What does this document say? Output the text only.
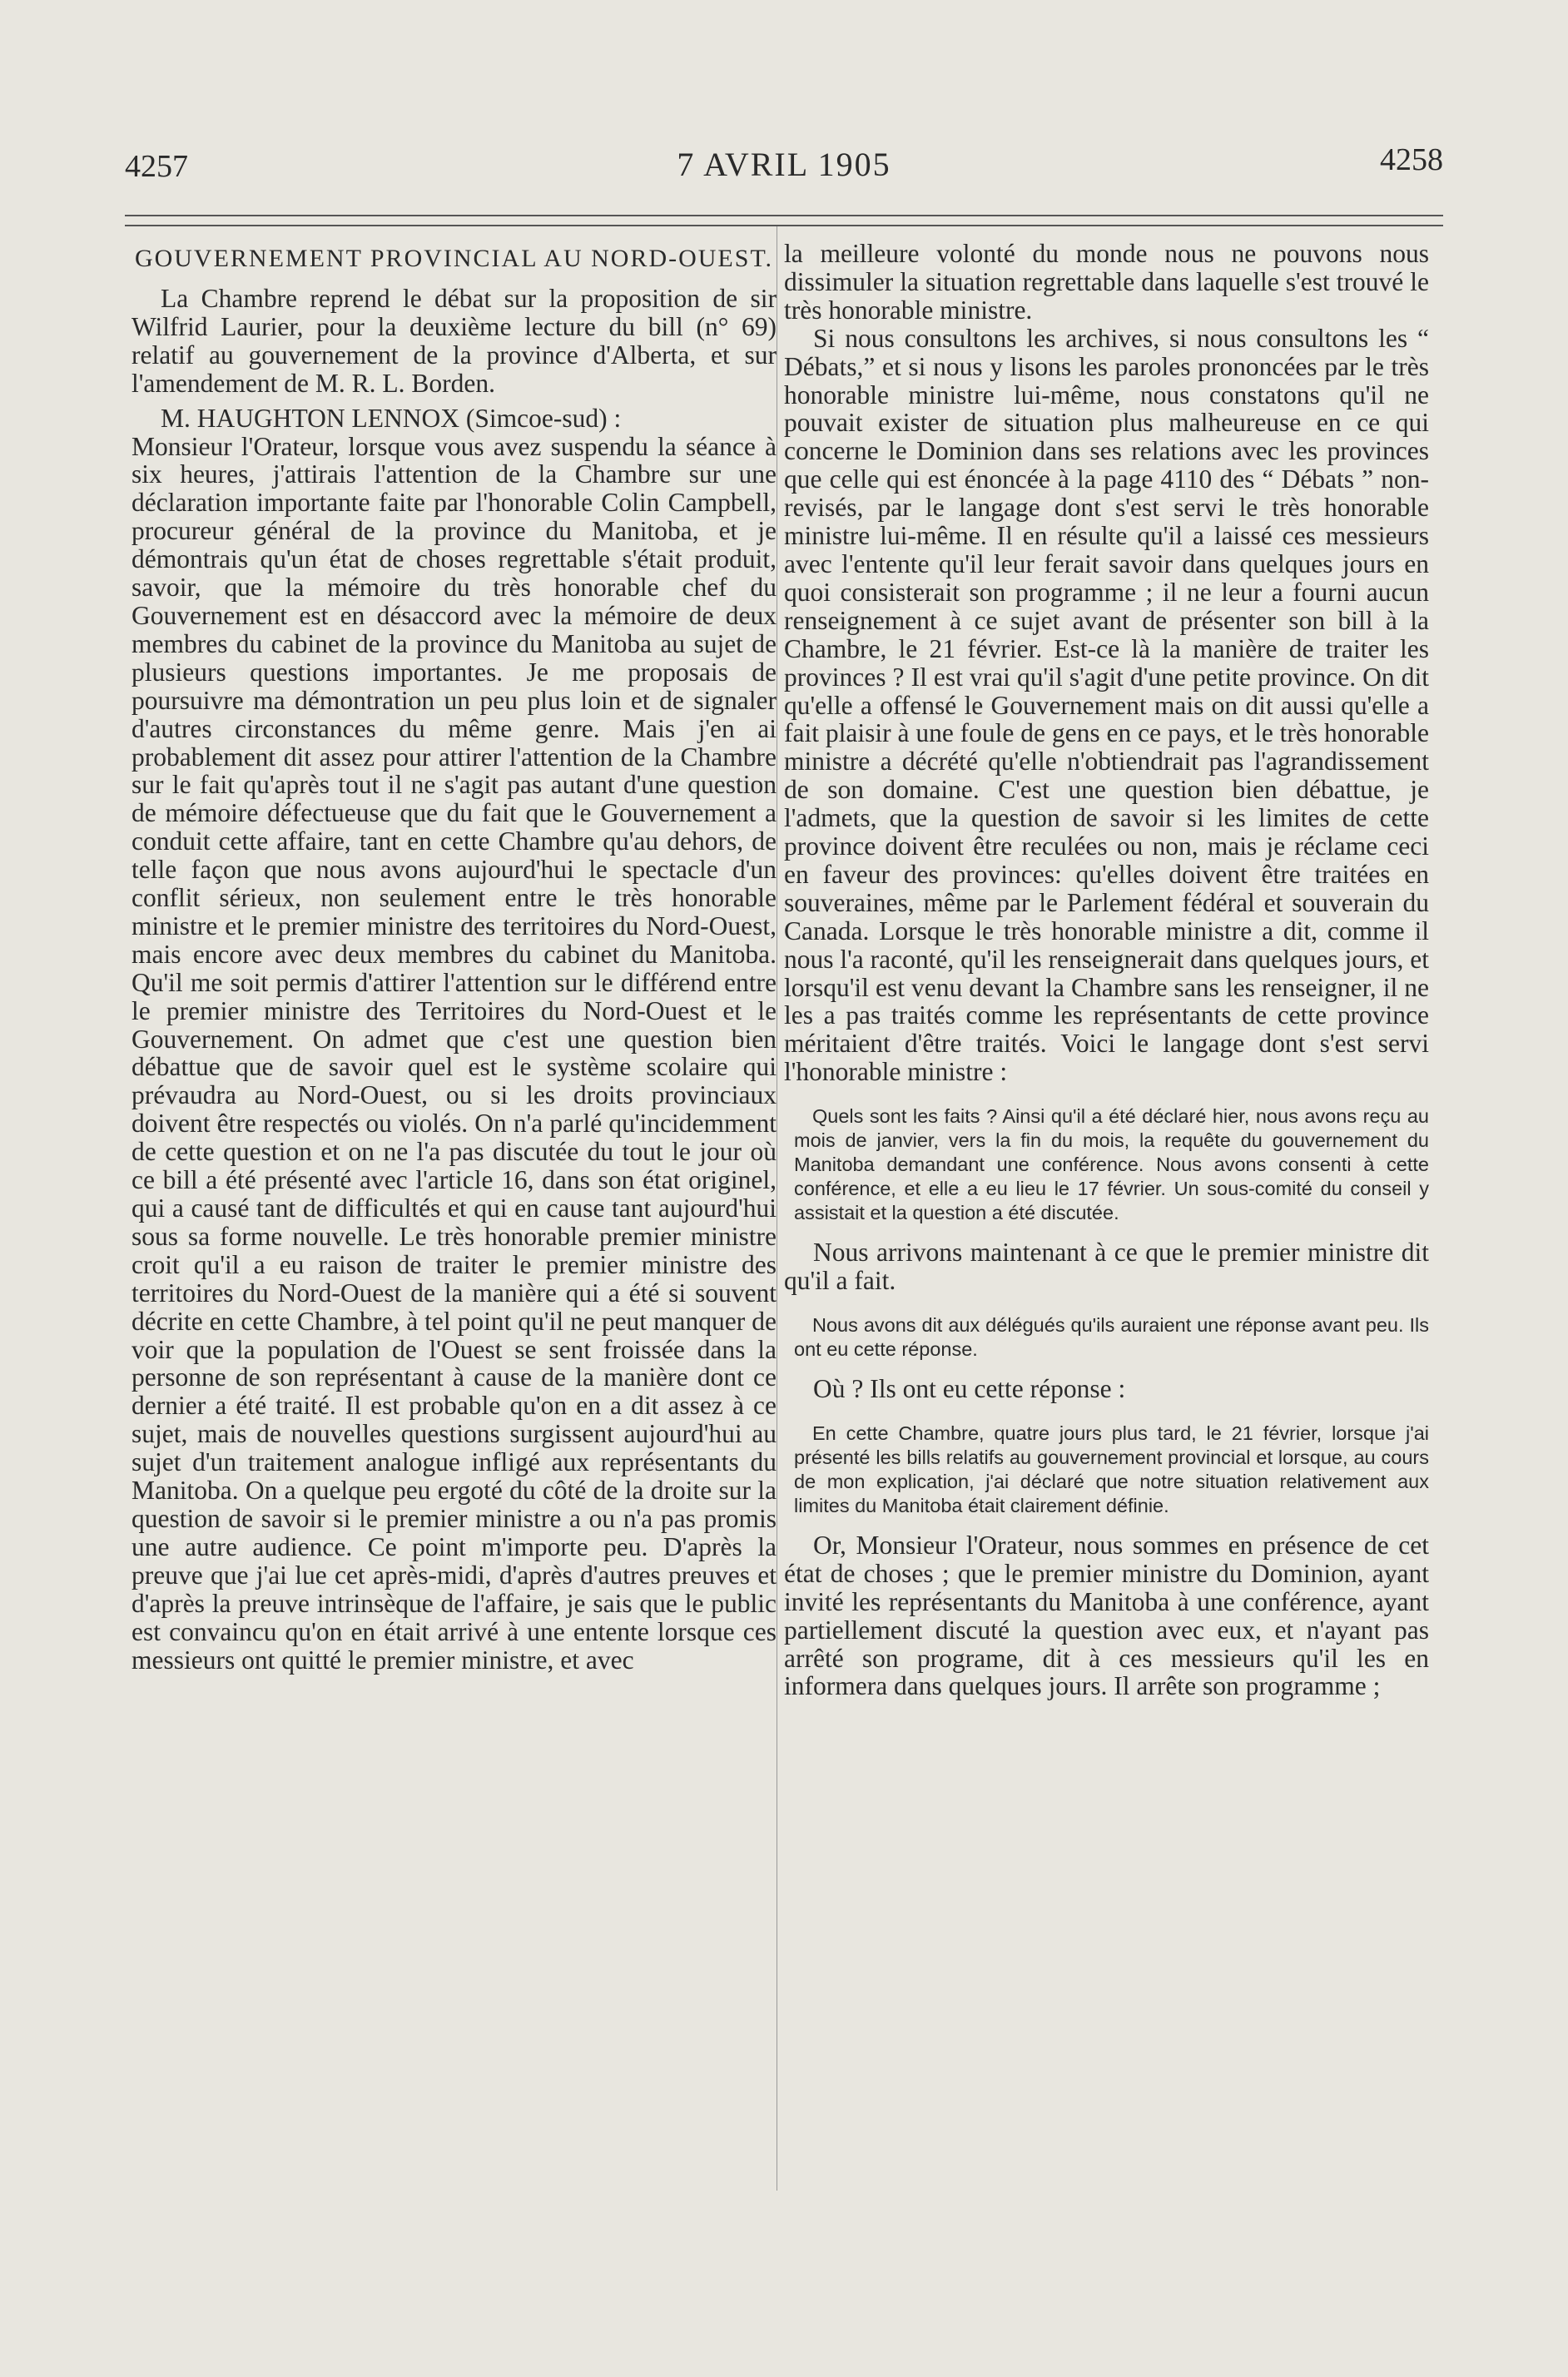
4257	7 AVRIL 1905	4258

GOUVERNEMENT PROVINCIAL AU NORD-OUEST.

La Chambre reprend le débat sur la proposition de sir Wilfrid Laurier, pour la deuxième lecture du bill (n° 69) relatif au gouvernement de la province d'Alberta, et sur l'amendement de M. R. L. Borden.

M. HAUGHTON LENNOX (Simcoe-sud) :

Monsieur l'Orateur, lorsque vous avez suspendu la séance à six heures, j'attirais l'attention de la Chambre sur une déclaration importante faite par l'honorable Colin Campbell, procureur général de la province du Manitoba, et je démontrais qu'un état de choses regrettable s'était produit, savoir, que la mémoire du très honorable chef du Gouvernement est en désaccord avec la mémoire de deux membres du cabinet de la province du Manitoba au sujet de plusieurs questions importantes. Je me proposais de poursuivre ma démontration un peu plus loin et de signaler d'autres circonstances du même genre. Mais j'en ai probablement dit assez pour attirer l'attention de la Chambre sur le fait qu'après tout il ne s'agit pas autant d'une question de mémoire défectueuse que du fait que le Gouvernement a conduit cette affaire, tant en cette Chambre qu'au dehors, de telle façon que nous avons aujourd'hui le spectacle d'un conflit sérieux, non seulement entre le très honorable ministre et le premier ministre des territoires du Nord-Ouest, mais encore avec deux membres du cabinet du Manitoba. Qu'il me soit permis d'attirer l'attention sur le différend entre le premier ministre des Territoires du Nord-Ouest et le Gouvernement. On admet que c'est une question bien débattue que de savoir quel est le système scolaire qui prévaudra au Nord-Ouest, ou si les droits provinciaux doivent être respectés ou violés. On n'a parlé qu'incidemment de cette question et on ne l'a pas discutée du tout le jour où ce bill a été présenté avec l'article 16, dans son état originel, qui a causé tant de difficultés et qui en cause tant aujourd'hui sous sa forme nouvelle. Le très honorable premier ministre croit qu'il a eu raison de traiter le premier ministre des territoires du Nord-Ouest de la manière qui a été si souvent décrite en cette Chambre, à tel point qu'il ne peut manquer de voir que la population de l'Ouest se sent froissée dans la personne de son représentant à cause de la manière dont ce dernier a été traité. Il est probable qu'on en a dit assez à ce sujet, mais de nouvelles questions surgissent aujourd'hui au sujet d'un traitement analogue infligé aux représentants du Manitoba. On a quelque peu ergoté du côté de la droite sur la question de savoir si le premier ministre a ou n'a pas promis une autre audience. Ce point m'importe peu. D'après la preuve que j'ai lue cet après-midi, d'après d'autres preuves et d'après la preuve intrinsèque de l'affaire, je sais que le public est convaincu qu'on en était arrivé à une entente lorsque ces messieurs ont quitté le premier ministre, et avec

la meilleure volonté du monde nous ne pouvons nous dissimuler la situation regrettable dans laquelle s'est trouvé le très honorable ministre.

Si nous consultons les archives, si nous consultons les “ Débats,” et si nous y lisons les paroles prononcées par le très honorable ministre lui-même, nous constatons qu'il ne pouvait exister de situation plus malheureuse en ce qui concerne le Dominion dans ses relations avec les provinces que celle qui est énoncée à la page 4110 des “ Débats ” non-revisés, par le langage dont s'est servi le très honorable ministre lui-même. Il en résulte qu'il a laissé ces messieurs avec l'entente qu'il leur ferait savoir dans quelques jours en quoi consisterait son programme ; il ne leur a fourni aucun renseignement à ce sujet avant de présenter son bill à la Chambre, le 21 février. Est-ce là la manière de traiter les provinces ? Il est vrai qu'il s'agit d'une petite province. On dit qu'elle a offensé le Gouvernement mais on dit aussi qu'elle a fait plaisir à une foule de gens en ce pays, et le très honorable ministre a décrété qu'elle n'obtiendrait pas l'agrandissement de son domaine. C'est une question bien débattue, je l'admets, que la question de savoir si les limites de cette province doivent être reculées ou non, mais je réclame ceci en faveur des provinces: qu'elles doivent être traitées en souveraines, même par le Parlement fédéral et souverain du Canada. Lorsque le très honorable ministre a dit, comme il nous l'a raconté, qu'il les renseignerait dans quelques jours, et lorsqu'il est venu devant la Chambre sans les renseigner, il ne les a pas traités comme les représentants de cette province méritaient d'être traités. Voici le langage dont s'est servi l'honorable ministre :

Quels sont les faits ? Ainsi qu'il a été déclaré hier, nous avons reçu au mois de janvier, vers la fin du mois, la requête du gouvernement du Manitoba demandant une conférence. Nous avons consenti à cette conférence, et elle a eu lieu le 17 février. Un sous-comité du conseil y assistait et la question a été discutée.

Nous arrivons maintenant à ce que le premier ministre dit qu'il a fait.

Nous avons dit aux délégués qu'ils auraient une réponse avant peu. Ils ont eu cette réponse.

Où ? Ils ont eu cette réponse :

En cette Chambre, quatre jours plus tard, le 21 février, lorsque j'ai présenté les bills relatifs au gouvernement provincial et lorsque, au cours de mon explication, j'ai déclaré que notre situation relativement aux limites du Manitoba était clairement définie.

Or, Monsieur l'Orateur, nous sommes en présence de cet état de choses ; que le premier ministre du Dominion, ayant invité les représentants du Manitoba à une conférence, ayant partiellement discuté la question avec eux, et n'ayant pas arrêté son programe, dit à ces messieurs qu'il les en informera dans quelques jours. Il arrête son programme ;
